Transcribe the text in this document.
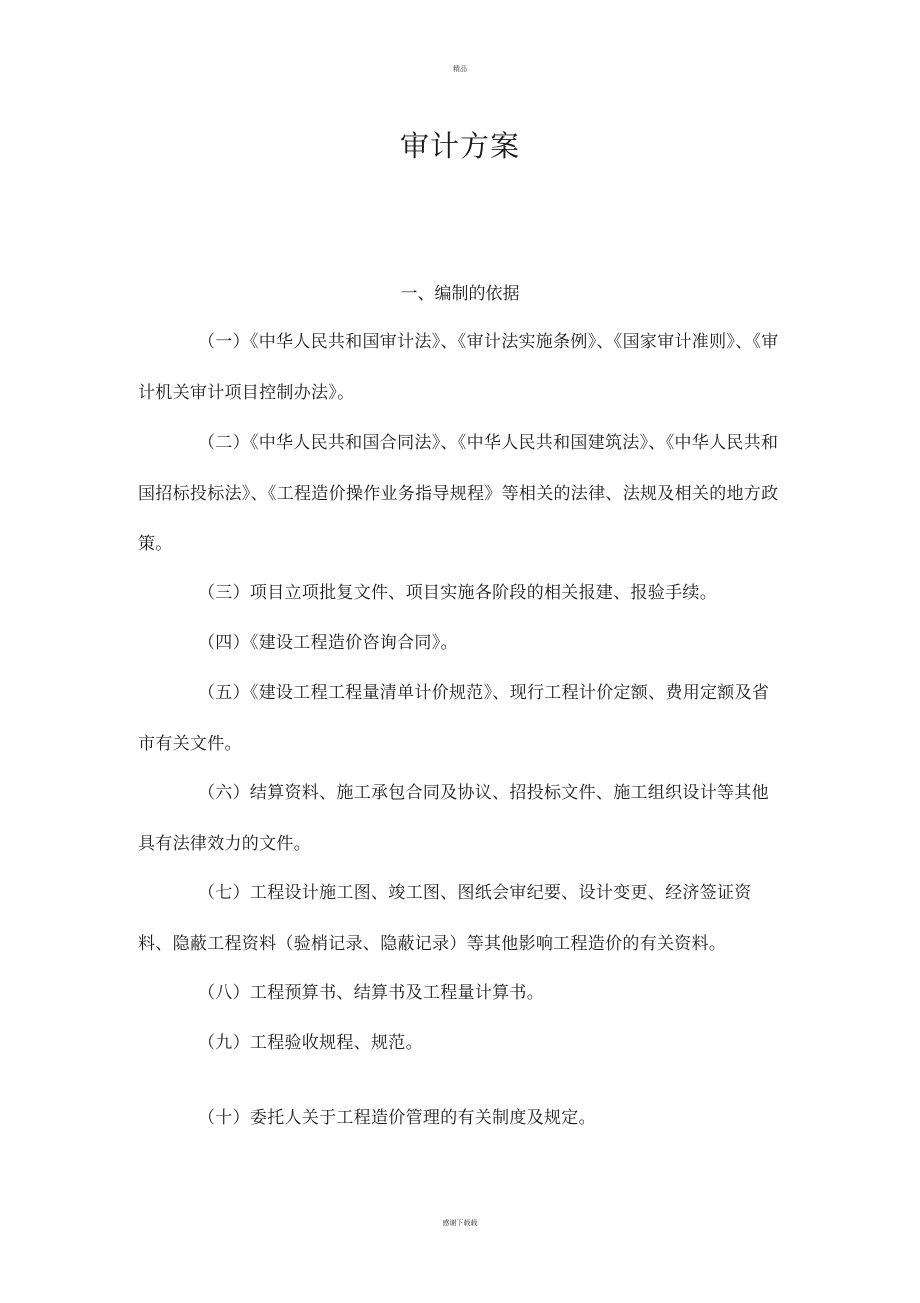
精品
审计方案
一、编制的依据

（一）《中华人民共和国审计法》、《审计法实施条例》、《国家审计准则》、《审计机关审计项目控制办法》。

（二）《中华人民共和国合同法》、《中华人民共和国建筑法》、《中华人民共和国招标投标法》、《工程造价操作业务指导规程》等相关的法律、法规及相关的地方政策。

（三）项目立项批复文件、项目实施各阶段的相关报建、报验手续。

（四）《建设工程造价咨询合同》。

（五）《建设工程工程量清单计价规范》、现行工程计价定额、费用定额及省市有关文件。

（六）结算资料、施工承包合同及协议、招投标文件、施工组织设计等其他具有法律效力的文件。

（七）工程设计施工图、竣工图、图纸会审纪要、设计变更、经济签证资料、隐蔽工程资料（验梢记录、隐蔽记录）等其他影响工程造价的有关资料。

（八）工程预算书、结算书及工程量计算书。

（九）工程验收规程、规范。

（十）委托人关于工程造价管理的有关制度及规定。

感谢下载载
